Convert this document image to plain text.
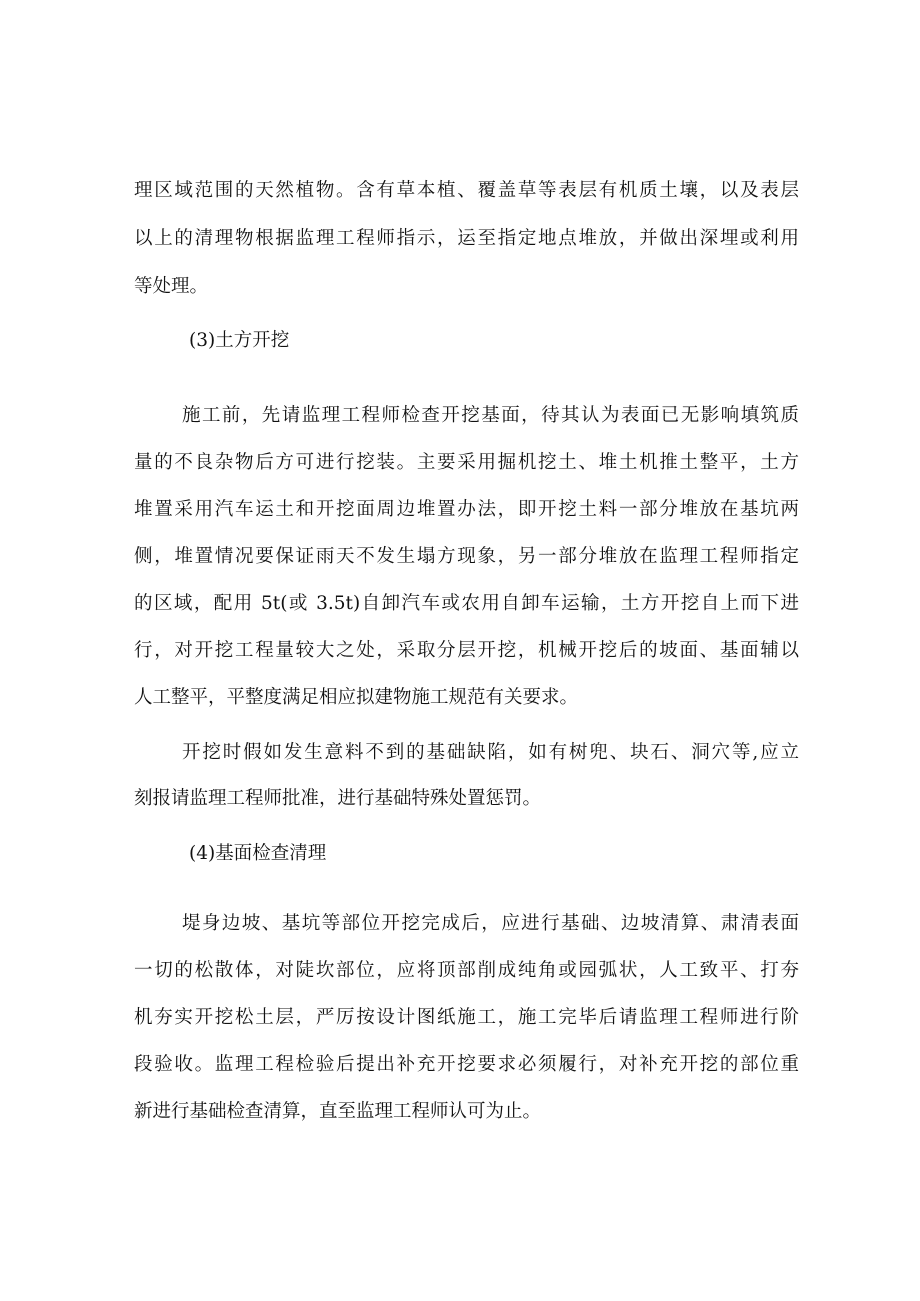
理区域范围的天然植物。含有草本植、覆盖草等表层有机质土壤，以及表层
以上的清理物根据监理工程师指示，运至指定地点堆放，并做出深埋或利用
等处理。
(3)土方开挖
施工前，先请监理工程师检查开挖基面，待其认为表面已无影响填筑质
量的不良杂物后方可进行挖装。主要采用掘机挖土、堆土机推土整平，土方
堆置采用汽车运土和开挖面周边堆置办法，即开挖土料一部分堆放在基坑两
侧，堆置情况要保证雨天不发生塌方现象，另一部分堆放在监理工程师指定
的区域，配用 5t(或 3.5t)自卸汽车或农用自卸车运输，土方开挖自上而下进
行，对开挖工程量较大之处，采取分层开挖，机械开挖后的坡面、基面辅以
人工整平，平整度满足相应拟建物施工规范有关要求。
开挖时假如发生意料不到的基础缺陷，如有树兜、块石、洞穴等,应立
刻报请监理工程师批准，进行基础特殊处置惩罚。
(4)基面检查清理
堤身边坡、基坑等部位开挖完成后，应进行基础、边坡清算、肃清表面
一切的松散体，对陡坎部位，应将顶部削成纯角或园弧状，人工致平、打夯
机夯实开挖松土层，严厉按设计图纸施工，施工完毕后请监理工程师进行阶
段验收。监理工程检验后提出补充开挖要求必须履行，对补充开挖的部位重
新进行基础检查清算，直至监理工程师认可为止。
